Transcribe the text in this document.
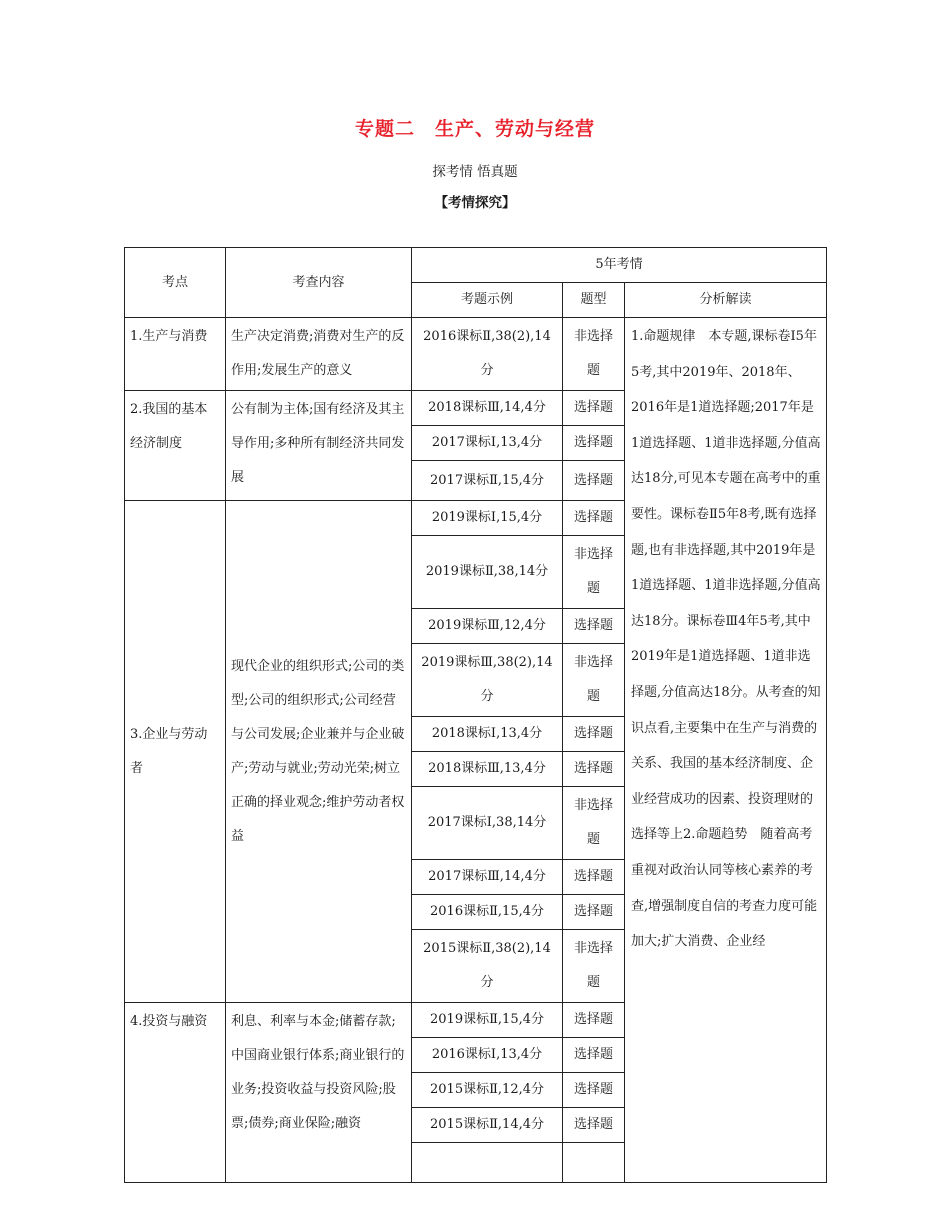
专题二　生产、劳动与经营
探考情 悟真题
【考情探究】
考点	考查内容	5年考情		
		考题示例	题型	分析解读
1.生产与消费	生产决定消费;消费对生产的反作用;发展生产的意义	2016课标Ⅱ,38(2),14分	非选择题	1.命题规律　本专题,课标卷Ⅰ5年5考,其中2019年、2018年、2016年是1道选择题;2017年是1道选择题、1道非选择题,分值高达18分,可见本专题在高考中的重要性。课标卷Ⅱ5年8考,既有选择题,也有非选择题,其中2019年是1道选择题、1道非选择题,分值高达18分。课标卷Ⅲ4年5考,其中2019年是1道选择题、1道非选择题,分值高达18分。从考查的知识点看,主要集中在生产与消费的关系、我国的基本经济制度、企业经营成功的因素、投资理财的选择等上2.命题趋势　随着高考重视对政治认同等核心素养的考查,增强制度自信的考查力度可能加大;扩大消费、企业经
2.我国的基本经济制度	公有制为主体;国有经济及其主导作用;多种所有制经济共同发展	2018课标Ⅲ,14,4分	选择题	
		2017课标Ⅰ,13,4分	选择题	
		2017课标Ⅱ,15,4分	选择题	
3.企业与劳动者	现代企业的组织形式;公司的类型;公司的组织形式;公司经营与公司发展;企业兼并与企业破产;劳动与就业;劳动光荣;树立正确的择业观念;维护劳动者权益	2019课标Ⅰ,15,4分	选择题	
		2019课标Ⅱ,38,14分	非选择题	
		2019课标Ⅲ,12,4分	选择题	
		2019课标Ⅲ,38(2),14分	非选择题	
		2018课标Ⅰ,13,4分	选择题	
		2018课标Ⅲ,13,4分	选择题	
		2017课标Ⅰ,38,14分	非选择题	
		2017课标Ⅲ,14,4分	选择题	
		2016课标Ⅱ,15,4分	选择题	
		2015课标Ⅱ,38(2),14分	非选择题	
4.投资与融资	利息、利率与本金;储蓄存款;中国商业银行体系;商业银行的业务;投资收益与投资风险;股票;债券;商业保险;融资	2019课标Ⅱ,15,4分	选择题	
		2016课标Ⅰ,13,4分	选择题	
		2015课标Ⅱ,12,4分	选择题	
		2015课标Ⅱ,14,4分	选择题	
